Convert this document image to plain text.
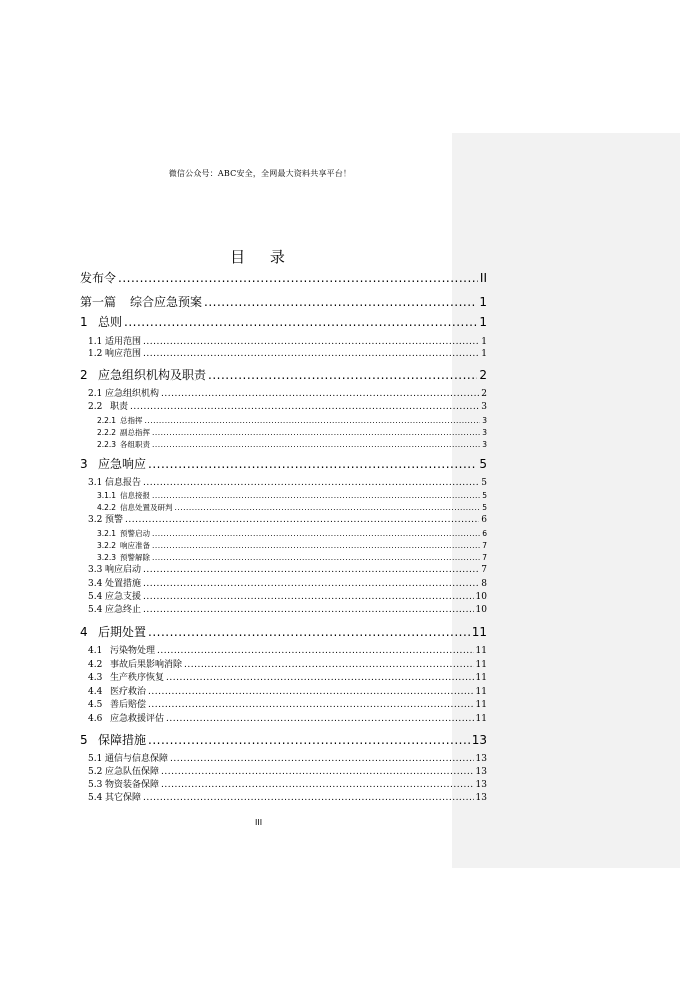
微信公众号：ABC安全，全网最大资料共享平台！
目 录
发布令 .....	II
第一篇 综合应急预案 .....	1
1 总则 .....	1
1.1 适用范围 .....	1
1.2 响应范围 .....	1
2 应急组织机构及职责 .....	2
2.1 应急组织机构 .....	2
2.2 职责 .....	3
2.2.1 总指挥 .....	3
2.2.2 副总指挥 .....	3
2.2.3 各组职责 .....	3
3 应急响应 .....	5
3.1 信息报告 .....	5
3.1.1 信息接报 .....	5
4.2.2 信息处置及研判 .....	5
3.2 预警 .....	6
3.2.1 预警启动 .....	6
3.2.2 响应准备 .....	7
3.2.3 预警解除 .....	7
3.3 响应启动 .....	7
3.4 处置措施 .....	8
5.4 应急支援 .....	10
5.4 应急终止 .....	10
4 后期处置 .....	11
4.1 污染物处理 .....	11
4.2 事故后果影响消除 .....	11
4.3 生产秩序恢复 .....	11
4.4 医疗救治 .....	11
4.5 善后赔偿 .....	11
4.6 应急救援评估 .....	11
5 保障措施 .....	13
5.1 通信与信息保障 .....	13
5.2 应急队伍保障 .....	13
5.3 物资装备保障 .....	13
5.4 其它保障 .....	13
III
